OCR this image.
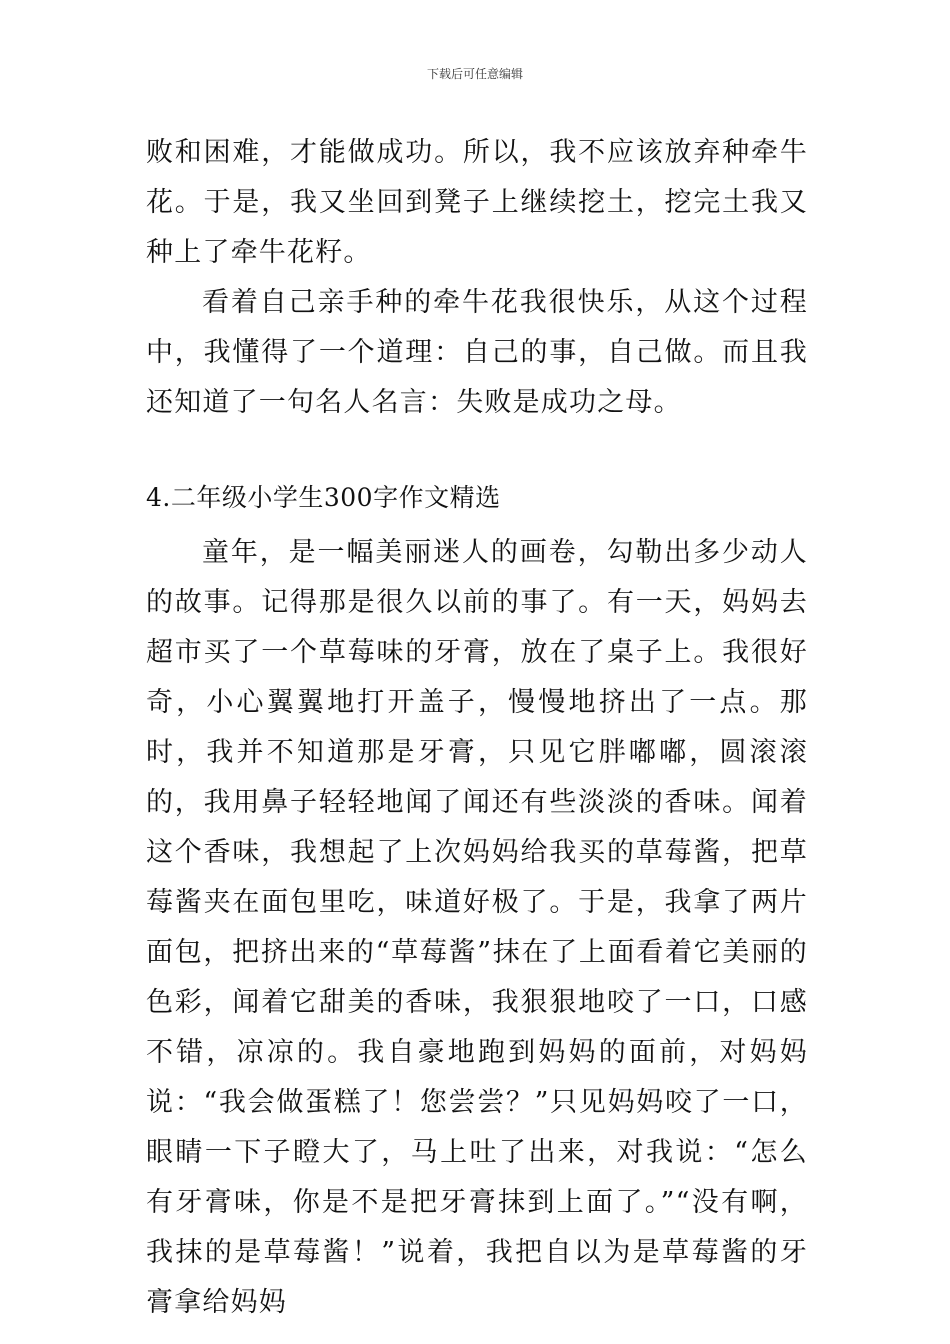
下载后可任意编辑

败和困难，才能做成功。所以，我不应该放弃种牵牛花。于是，我又坐回到凳子上继续挖土，挖完土我又种上了牵牛花籽。

看着自己亲手种的牵牛花我很快乐，从这个过程中，我懂得了一个道理：自己的事，自己做。而且我还知道了一句名人名言：失败是成功之母。

4.二年级小学生300字作文精选

童年，是一幅美丽迷人的画卷，勾勒出多少动人的故事。记得那是很久以前的事了。有一天，妈妈去超市买了一个草莓味的牙膏，放在了桌子上。我很好奇，小心翼翼地打开盖子，慢慢地挤出了一点。那时，我并不知道那是牙膏，只见它胖嘟嘟，圆滚滚的，我用鼻子轻轻地闻了闻还有些淡淡的香味。闻着这个香味，我想起了上次妈妈给我买的草莓酱，把草莓酱夹在面包里吃，味道好极了。于是，我拿了两片面包，把挤出来的“草莓酱”抹在了上面看着它美丽的色彩，闻着它甜美的香味，我狠狠地咬了一口，口感不错，凉凉的。我自豪地跑到妈妈的面前，对妈妈说：“我会做蛋糕了！您尝尝？”只见妈妈咬了一口，眼睛一下子瞪大了，马上吐了出来，对我说：“怎么有牙膏味，你是不是把牙膏抹到上面了。”“没有啊，我抹的是草莓酱！”说着，我把自以为是草莓酱的牙膏拿给妈妈
